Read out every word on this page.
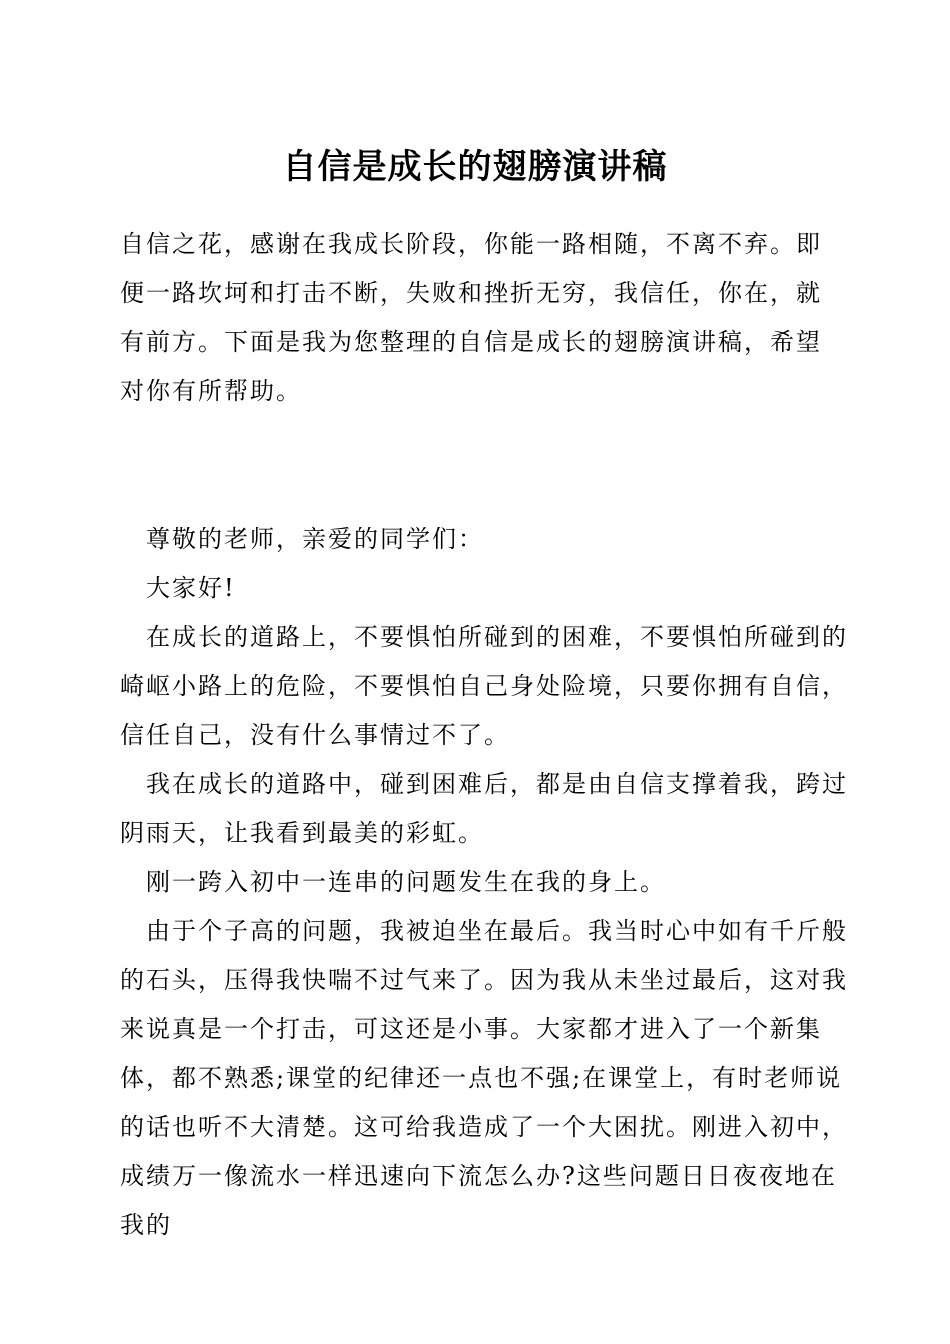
自信是成长的翅膀演讲稿

自信之花，感谢在我成长阶段，你能一路相随，不离不弃。即便一路坎坷和打击不断，失败和挫折无穷，我信任，你在，就有前方。下面是我为您整理的自信是成长的翅膀演讲稿，希望对你有所帮助。

尊敬的老师，亲爱的同学们：

大家好!

在成长的道路上，不要惧怕所碰到的困难，不要惧怕所碰到的崎岖小路上的危险，不要惧怕自己身处险境，只要你拥有自信，信任自己，没有什么事情过不了。

我在成长的道路中，碰到困难后，都是由自信支撑着我，跨过阴雨天，让我看到最美的彩虹。

刚一跨入初中一连串的问题发生在我的身上。

由于个子高的问题，我被迫坐在最后。我当时心中如有千斤般的石头，压得我快喘不过气来了。因为我从未坐过最后，这对我来说真是一个打击，可这还是小事。大家都才进入了一个新集体，都不熟悉;课堂的纪律还一点也不强;在课堂上，有时老师说的话也听不大清楚。这可给我造成了一个大困扰。刚进入初中，成绩万一像流水一样迅速向下流怎么办?这些问题日日夜夜地在我的
